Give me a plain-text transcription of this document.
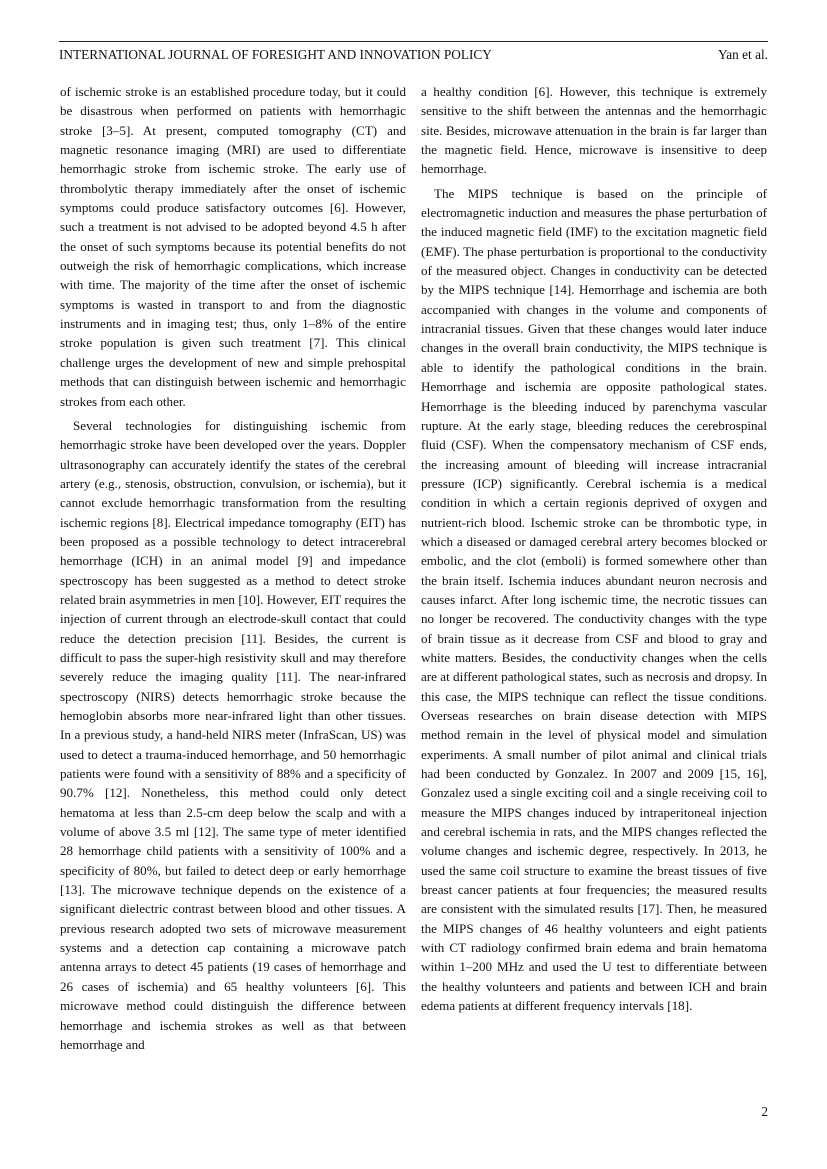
INTERNATIONAL JOURNAL OF FORESIGHT AND INNOVATION POLICY	Yan et al.

of ischemic stroke is an established procedure today, but it could be disastrous when performed on patients with hemorrhagic stroke [3–5]. At present, computed tomography (CT) and magnetic resonance imaging (MRI) are used to differentiate hemorrhagic stroke from ischemic stroke. The early use of thrombolytic therapy immediately after the onset of ischemic symptoms could produce satisfactory outcomes [6]. However, such a treatment is not advised to be adopted beyond 4.5 h after the onset of such symptoms because its potential benefits do not outweigh the risk of hemorrhagic complications, which increase with time. The majority of the time after the onset of ischemic symptoms is wasted in transport to and from the diagnostic instruments and in imaging test; thus, only 1–8% of the entire stroke population is given such treatment [7]. This clinical challenge urges the development of new and simple prehospital methods that can distinguish between ischemic and hemorrhagic strokes from each other.

Several technologies for distinguishing ischemic from hemorrhagic stroke have been developed over the years. Doppler ultrasonography can accurately identify the states of the cerebral artery (e.g., stenosis, obstruction, convulsion, or ischemia), but it cannot exclude hemorrhagic transformation from the resulting ischemic regions [8]. Electrical impedance tomography (EIT) has been proposed as a possible technology to detect intracerebral hemorrhage (ICH) in an animal model [9] and impedance spectroscopy has been suggested as a method to detect stroke related brain asymmetries in men [10]. However, EIT requires the injection of current through an electrode-skull contact that could reduce the detection precision [11]. Besides, the current is difficult to pass the super-high resistivity skull and may therefore severely reduce the imaging quality [11]. The near-infrared spectroscopy (NIRS) detects hemorrhagic stroke because the hemoglobin absorbs more near-infrared light than other tissues. In a previous study, a hand-held NIRS meter (InfraScan, US) was used to detect a trauma-induced hemorrhage, and 50 hemorrhagic patients were found with a sensitivity of 88% and a specificity of 90.7% [12]. Nonetheless, this method could only detect hematoma at less than 2.5-cm deep below the scalp and with a volume of above 3.5 ml [12]. The same type of meter identified 28 hemorrhage child patients with a sensitivity of 100% and a specificity of 80%, but failed to detect deep or early hemorrhage [13]. The microwave technique depends on the existence of a significant dielectric contrast between blood and other tissues. A previous research adopted two sets of microwave measurement systems and a detection cap containing a microwave patch antenna arrays to detect 45 patients (19 cases of hemorrhage and 26 cases of ischemia) and 65 healthy volunteers [6]. This microwave method could distinguish the difference between hemorrhage and ischemia strokes as well as that between hemorrhage and

a healthy condition [6]. However, this technique is extremely sensitive to the shift between the antennas and the hemorrhagic site. Besides, microwave attenuation in the brain is far larger than the magnetic field. Hence, microwave is insensitive to deep hemorrhage.

The MIPS technique is based on the principle of electromagnetic induction and measures the phase perturbation of the induced magnetic field (IMF) to the excitation magnetic field (EMF). The phase perturbation is proportional to the conductivity of the measured object. Changes in conductivity can be detected by the MIPS technique [14]. Hemorrhage and ischemia are both accompanied with changes in the volume and components of intracranial tissues. Given that these changes would later induce changes in the overall brain conductivity, the MIPS technique is able to identify the pathological conditions in the brain. Hemorrhage and ischemia are opposite pathological states. Hemorrhage is the bleeding induced by parenchyma vascular rupture. At the early stage, bleeding reduces the cerebrospinal fluid (CSF). When the compensatory mechanism of CSF ends, the increasing amount of bleeding will increase intracranial pressure (ICP) significantly. Cerebral ischemia is a medical condition in which a certain regionis deprived of oxygen and nutrient-rich blood. Ischemic stroke can be thrombotic type, in which a diseased or damaged cerebral artery becomes blocked or embolic, and the clot (emboli) is formed somewhere other than the brain itself. Ischemia induces abundant neuron necrosis and causes infarct. After long ischemic time, the necrotic tissues can no longer be recovered. The conductivity changes with the type of brain tissue as it decrease from CSF and blood to gray and white matters. Besides, the conductivity changes when the cells are at different pathological states, such as necrosis and dropsy. In this case, the MIPS technique can reflect the tissue conditions. Overseas researches on brain disease detection with MIPS method remain in the level of physical model and simulation experiments. A small number of pilot animal and clinical trials had been conducted by Gonzalez. In 2007 and 2009 [15, 16], Gonzalez used a single exciting coil and a single receiving coil to measure the MIPS changes induced by intraperitoneal injection and cerebral ischemia in rats, and the MIPS changes reflected the volume changes and ischemic degree, respectively. In 2013, he used the same coil structure to examine the breast tissues of five breast cancer patients at four frequencies; the measured results are consistent with the simulated results [17]. Then, he measured the MIPS changes of 46 healthy volunteers and eight patients with CT radiology confirmed brain edema and brain hematoma within 1–200 MHz and used the U test to differentiate between the healthy volunteers and patients and between ICH and brain edema patients at different frequency intervals [18].

2
